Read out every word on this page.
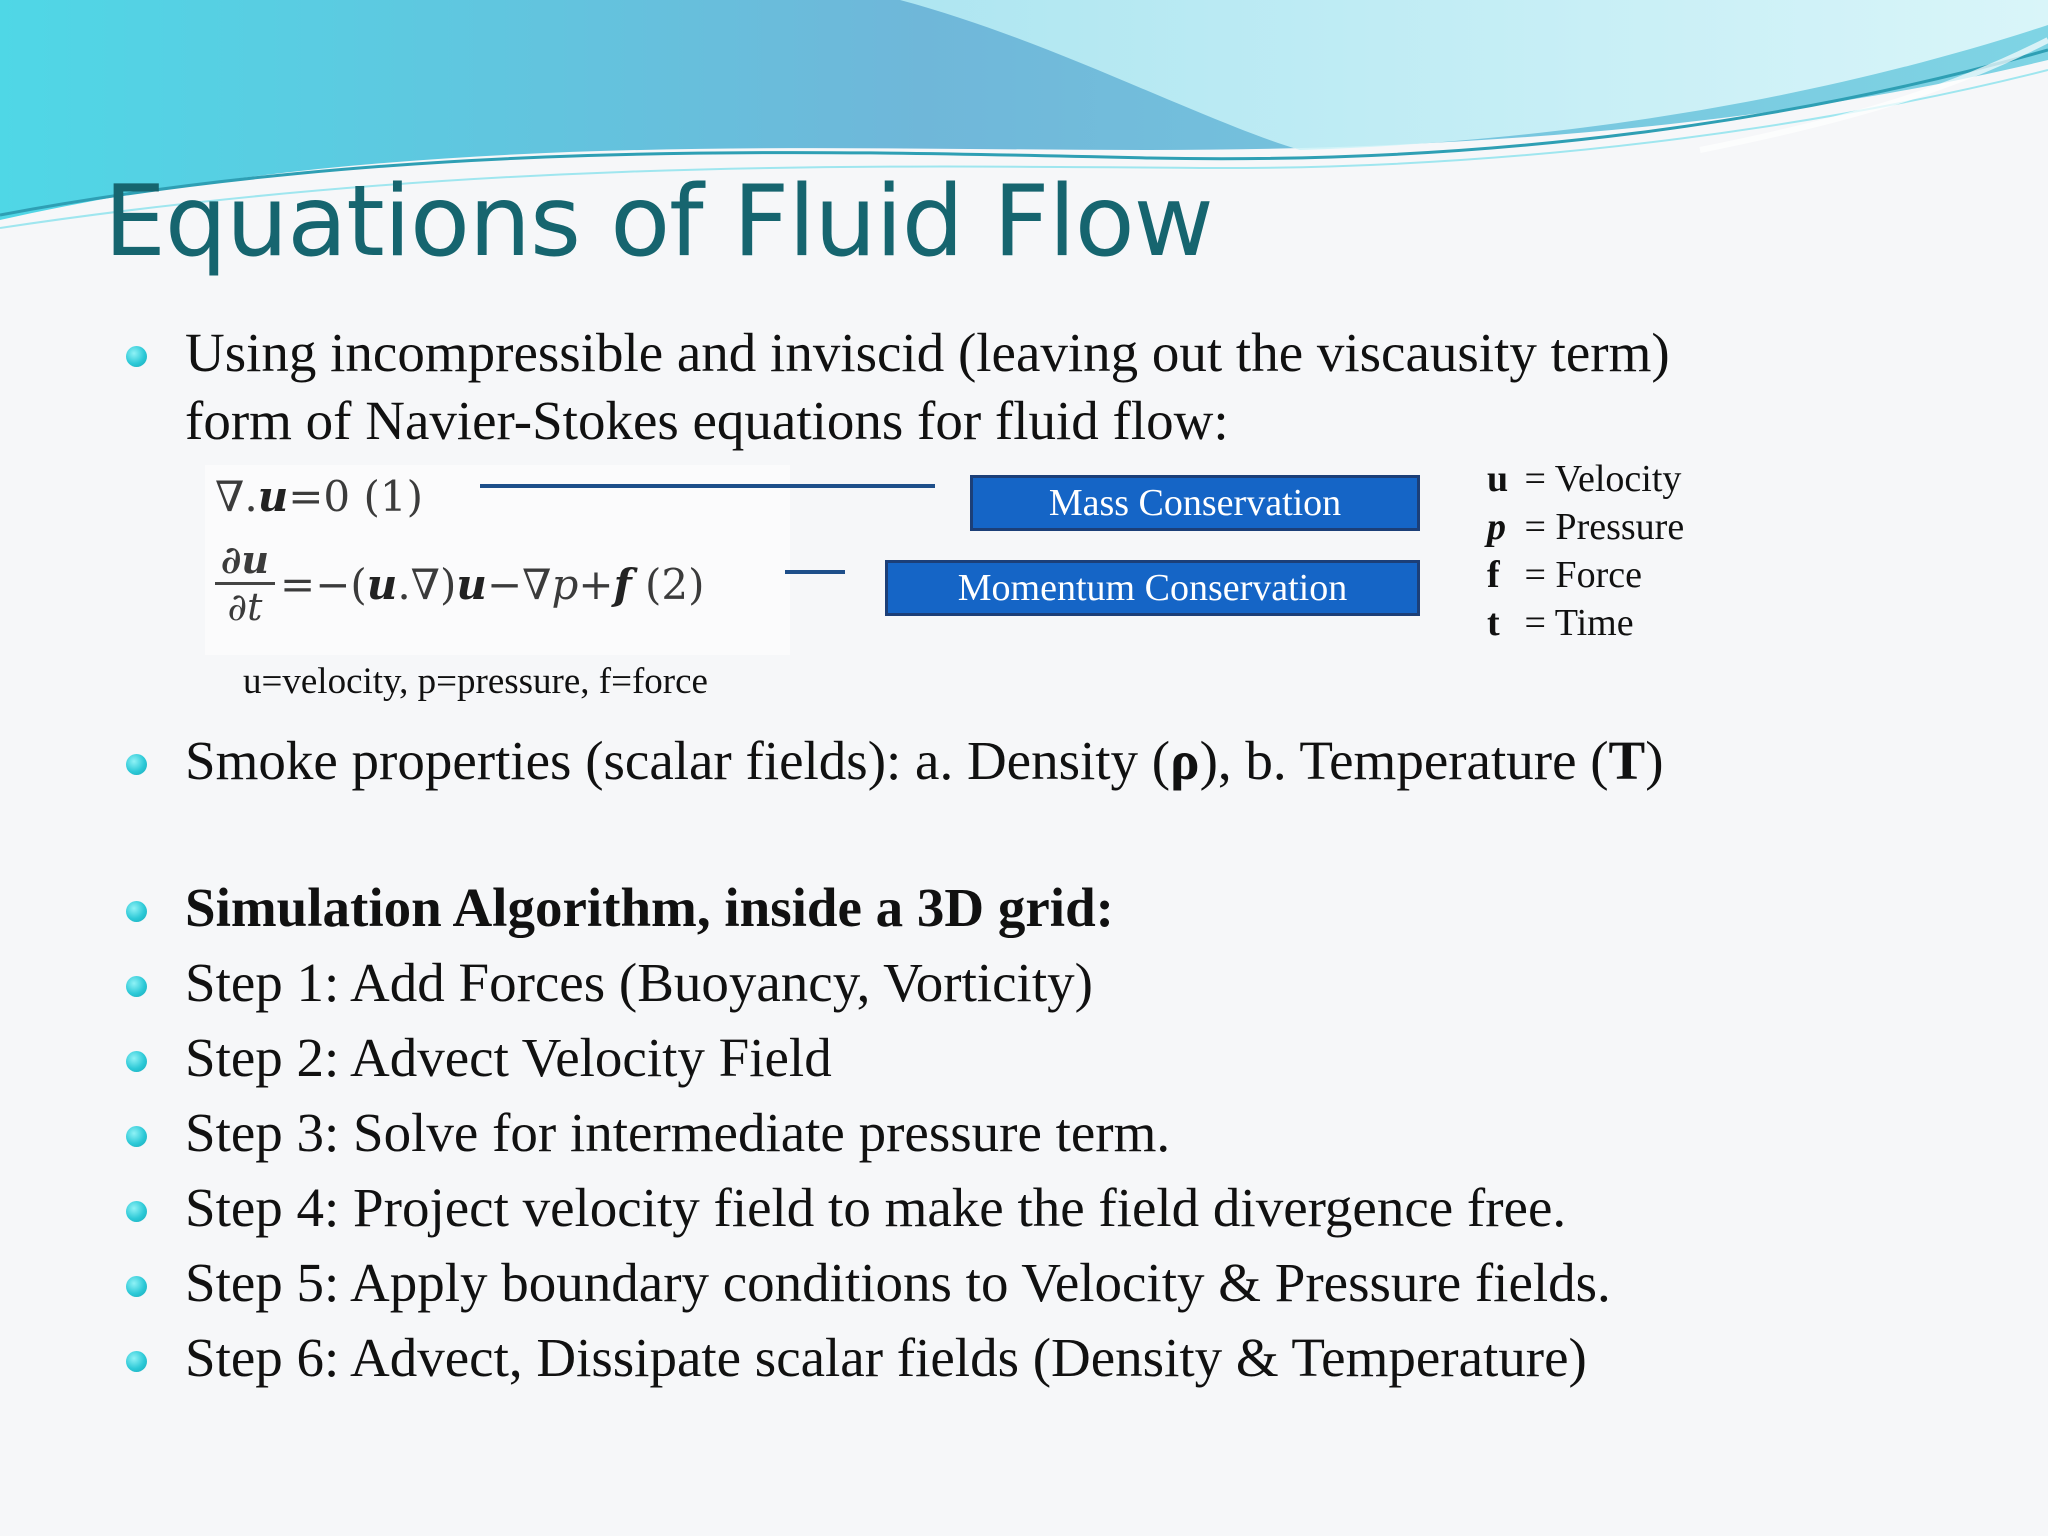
Equations of Fluid Flow
Using incompressible and inviscid (leaving out the viscausity term)
form of Navier-Stokes equations for fluid flow:
∇.u=0 (1)
∂u
∂t =−(u.∇)u−∇p+f (2)
Mass Conservation
Momentum Conservation
u=velocity, p=pressure, f=force
u = Velocity
p = Pressure
f = Force
t = Time
Smoke properties (scalar fields): a. Density (ρ), b. Temperature (T)
Simulation Algorithm, inside a 3D grid:
Step 1: Add Forces (Buoyancy, Vorticity)
Step 2: Advect Velocity Field
Step 3: Solve for intermediate pressure term.
Step 4: Project velocity field to make the field divergence free.
Step 5: Apply boundary conditions to Velocity & Pressure fields.
Step 6: Advect, Dissipate scalar fields (Density & Temperature)
